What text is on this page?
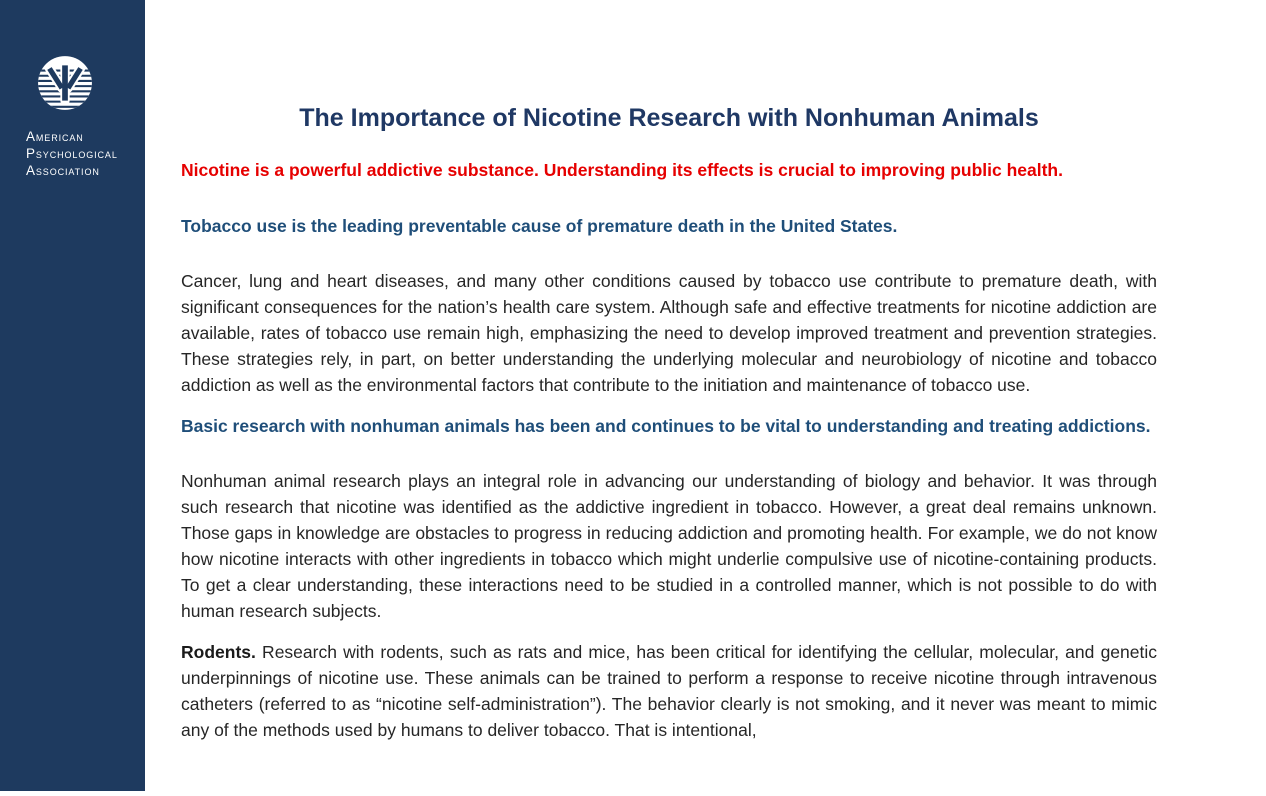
American
Psychological
Association
The Importance of Nicotine Research with Nonhuman Animals

Nicotine is a powerful addictive substance. Understanding its effects is crucial to improving public health.

Tobacco use is the leading preventable cause of premature death in the United States.

Cancer, lung and heart diseases, and many other conditions caused by tobacco use contribute to premature death, with significant consequences for the nation’s health care system. Although safe and effective treatments for nicotine addiction are available, rates of tobacco use remain high, emphasizing the need to develop improved treatment and prevention strategies. These strategies rely, in part, on better understanding the underlying molecular and neurobiology of nicotine and tobacco addiction as well as the environmental factors that contribute to the initiation and maintenance of tobacco use.

Basic research with nonhuman animals has been and continues to be vital to understanding and treating addictions.

Nonhuman animal research plays an integral role in advancing our understanding of biology and behavior. It was through such research that nicotine was identified as the addictive ingredient in tobacco. However, a great deal remains unknown. Those gaps in knowledge are obstacles to progress in reducing addiction and promoting health. For example, we do not know how nicotine interacts with other ingredients in tobacco which might underlie compulsive use of nicotine-containing products. To get a clear understanding, these interactions need to be studied in a controlled manner, which is not possible to do with human research subjects.

Rodents. Research with rodents, such as rats and mice, has been critical for identifying the cellular, molecular, and genetic underpinnings of nicotine use. These animals can be trained to perform a response to receive nicotine through intravenous catheters (referred to as “nicotine self-administration”). The behavior clearly is not smoking, and it never was meant to mimic any of the methods used by humans to deliver tobacco. That is intentional,
